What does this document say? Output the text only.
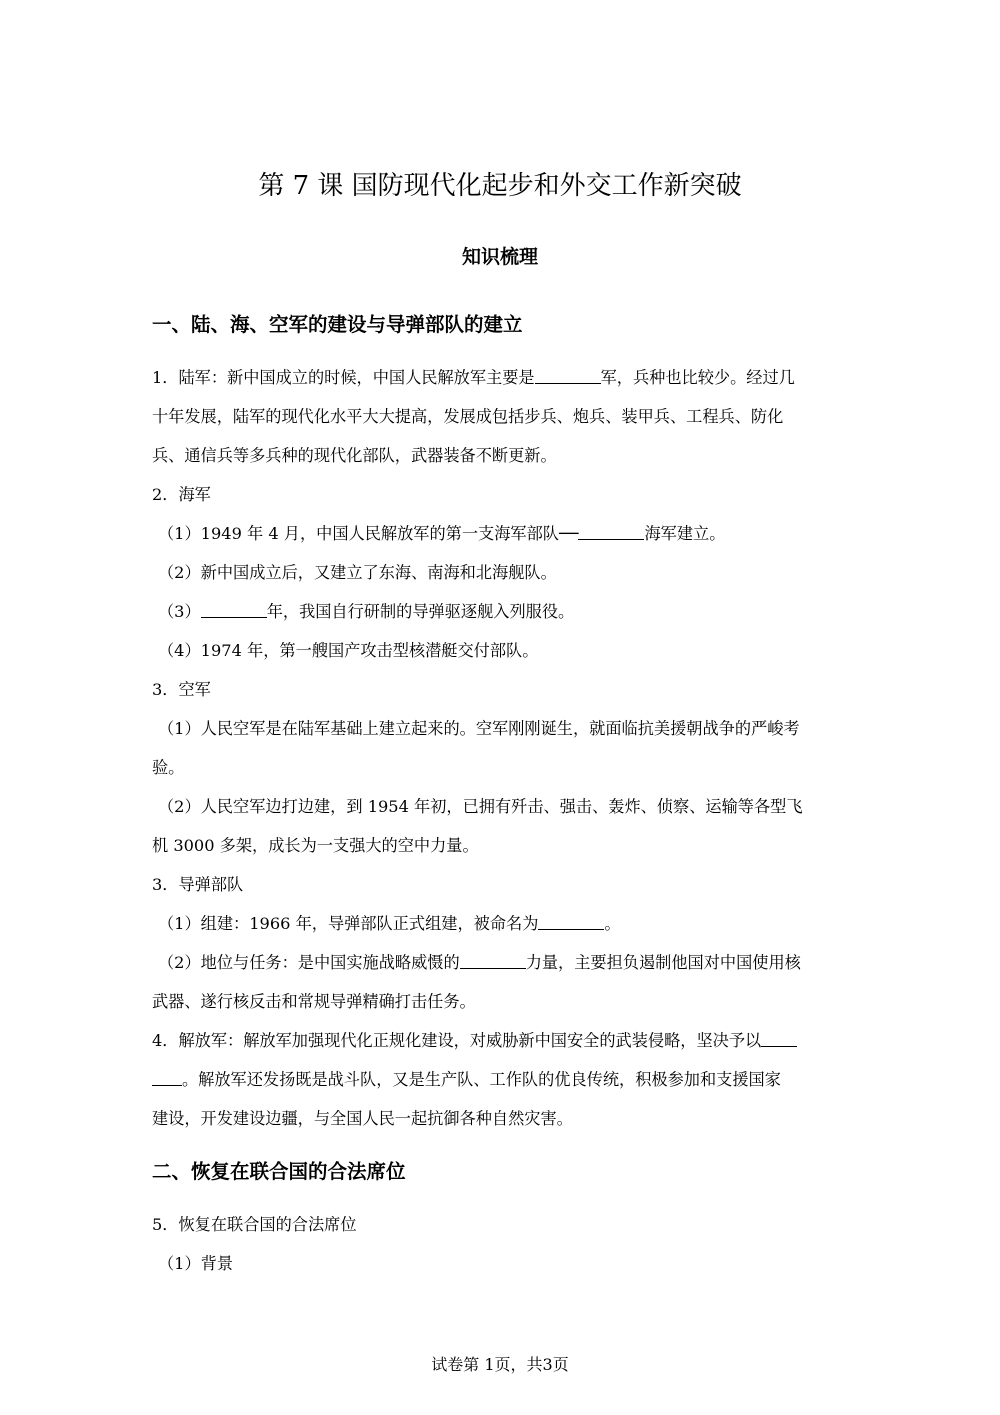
第 7 课 国防现代化起步和外交工作新突破
知识梳理
一、陆、海、空军的建设与导弹部队的建立
1．陆军：新中国成立的时候，中国人民解放军主要是	军，兵种也比较少。经过几
十年发展，陆军的现代化水平大大提高，发展成包括步兵、炮兵、装甲兵、工程兵、防化
兵、通信兵等多兵种的现代化部队，武器装备不断更新。
2．海军
（1）1949 年 4 月，中国人民解放军的第一支海军部队──	海军建立。
（2）新中国成立后，又建立了东海、南海和北海舰队。
（3）	年，我国自行研制的导弹驱逐舰入列服役。
（4）1974 年，第一艘国产攻击型核潜艇交付部队。
3．空军
（1）人民空军是在陆军基础上建立起来的。空军刚刚诞生，就面临抗美援朝战争的严峻考
验。
（2）人民空军边打边建，到 1954 年初，已拥有歼击、强击、轰炸、侦察、运输等各型飞
机 3000 多架，成长为一支强大的空中力量。
3．导弹部队
（1）组建：1966 年，导弹部队正式组建，被命名为	。
（2）地位与任务：是中国实施战略威慑的	力量，主要担负遏制他国对中国使用核
武器、遂行核反击和常规导弹精确打击任务。
4．解放军：解放军加强现代化正规化建设，对威胁新中国安全的武装侵略，坚决予以
。解放军还发扬既是战斗队，又是生产队、工作队的优良传统，积极参加和支援国家
建设，开发建设边疆，与全国人民一起抗御各种自然灾害。
二、恢复在联合国的合法席位
5．恢复在联合国的合法席位
（1）背景
试卷第 1页，共3页
